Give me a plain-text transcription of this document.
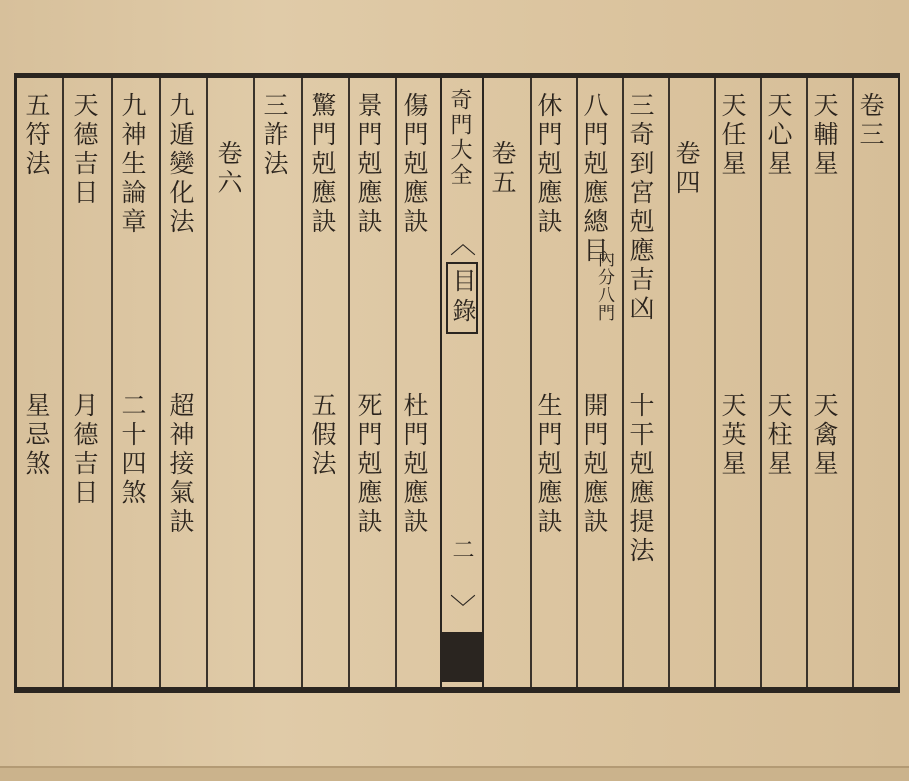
奇門大全
︿
目錄
二
﹀
卷三
天輔星
天禽星
天心星
天柱星
天任星
天英星
卷四
三奇到宮剋應吉凶
十干剋應提法
八門剋應總目
內分八門
開門剋應訣
休門剋應訣
生門剋應訣
卷五
傷門剋應訣
杜門剋應訣
景門剋應訣
死門剋應訣
驚門剋應訣
五假法
三詐法
卷六
九遁變化法
超神接氣訣
九神生論章
二十四煞
天德吉日
月德吉日
五符法
星忌煞
